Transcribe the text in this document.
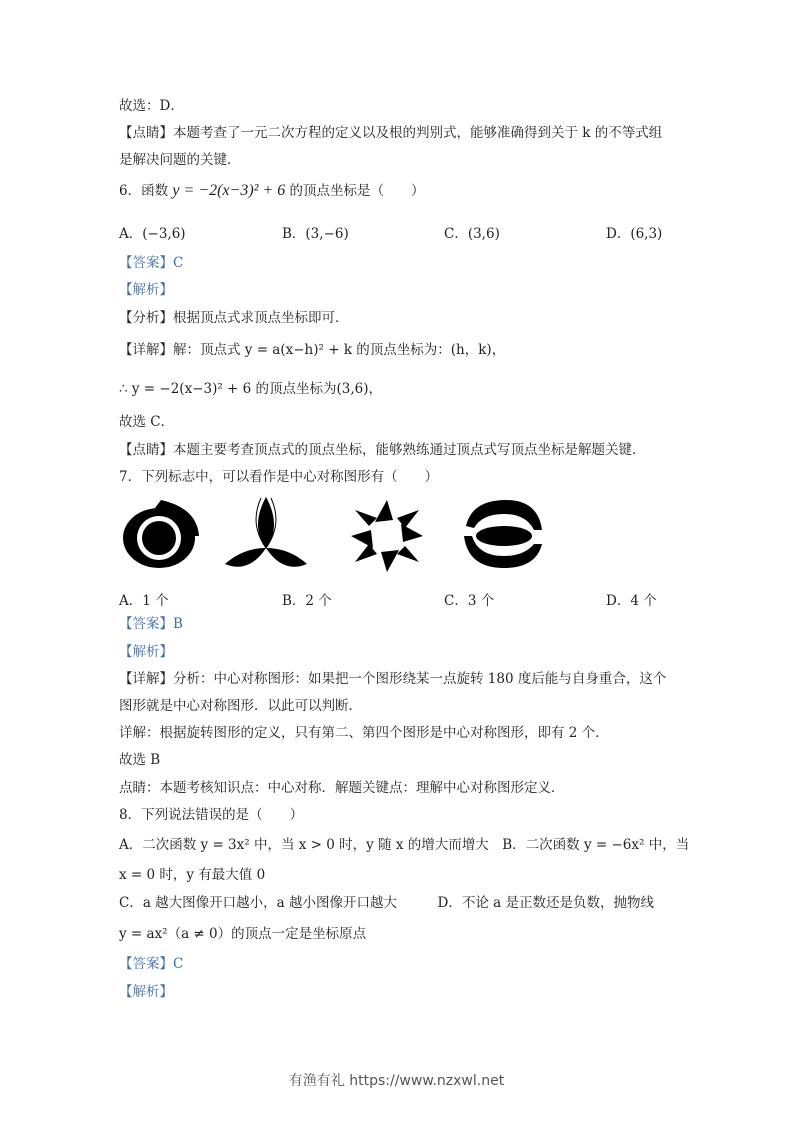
故选：D．
【点睛】本题考查了一元二次方程的定义以及根的判别式，能够准确得到关于 k 的不等式组
是解决问题的关键．
6．函数 y = −2(x−3)² + 6 的顶点坐标是（　　）
A．(−3,6)	B．(3,−6)	C．(3,6)	D．(6,3)
【答案】C
【解析】
【分析】根据顶点式求顶点坐标即可．
【详解】解：顶点式 y = a(x−h)² + k 的顶点坐标为：(h，k)，
∴ y = −2(x−3)² + 6 的顶点坐标为(3,6)，
故选 C．
【点睛】本题主要考查顶点式的顶点坐标，能够熟练通过顶点式写顶点坐标是解题关键．
7．下列标志中，可以看作是中心对称图形有（　　）
A．1 个	B．2 个	C．3 个	D．4 个
【答案】B
【解析】
【详解】分析：中心对称图形：如果把一个图形绕某一点旋转 180 度后能与自身重合，这个
图形就是中心对称图形．以此可以判断．
详解：根据旋转图形的定义，只有第二、第四个图形是中心对称图形，即有 2 个．
故选 B
点睛：本题考核知识点：中心对称．解题关键点：理解中心对称图形定义．
8．下列说法错误的是（　　）
A．二次函数 y = 3x² 中，当 x > 0 时，y 随 x 的增大而增大　B．二次函数 y = −6x² 中，当
x = 0 时，y 有最大值 0
C．a 越大图像开口越小，a 越小图像开口越大　　　D．不论 a 是正数还是负数，抛物线
y = ax²（a ≠ 0）的顶点一定是坐标原点
【答案】C
【解析】
有渔有礼 https://www.nzxwl.net
